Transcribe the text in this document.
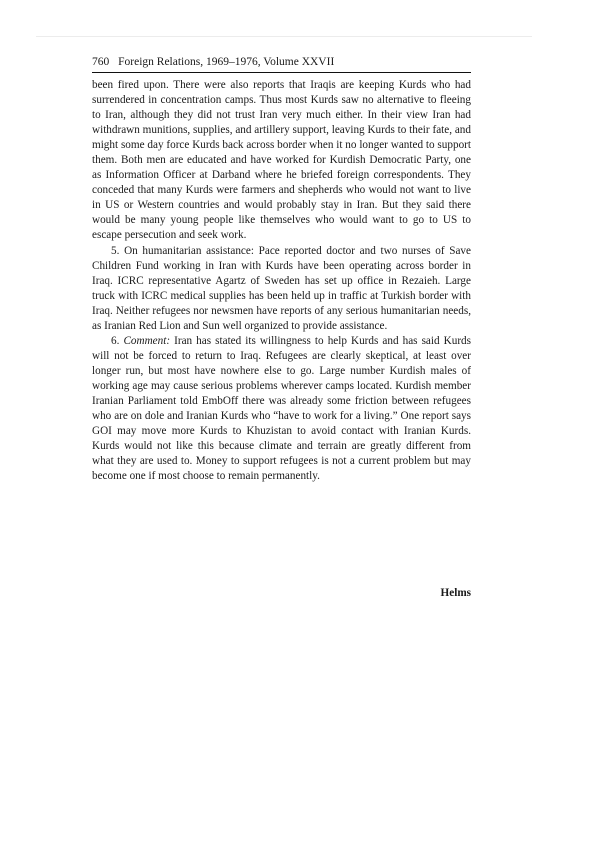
760 Foreign Relations, 1969–1976, Volume XXVII

been fired upon. There were also reports that Iraqis are keeping Kurds who had surrendered in concentration camps. Thus most Kurds saw no alternative to fleeing to Iran, although they did not trust Iran very much either. In their view Iran had withdrawn munitions, supplies, and artillery support, leaving Kurds to their fate, and might some day force Kurds back across border when it no longer wanted to support them. Both men are educated and have worked for Kurdish Democratic Party, one as Information Officer at Darband where he briefed foreign correspondents. They conceded that many Kurds were farmers and shepherds who would not want to live in US or Western countries and would probably stay in Iran. But they said there would be many young people like themselves who would want to go to US to escape persecution and seek work.

5. On humanitarian assistance: Pace reported doctor and two nurses of Save Children Fund working in Iran with Kurds have been operating across border in Iraq. ICRC representative Agartz of Sweden has set up office in Rezaieh. Large truck with ICRC medical supplies has been held up in traffic at Turkish border with Iraq. Neither refugees nor newsmen have reports of any serious humanitarian needs, as Iranian Red Lion and Sun well organized to provide assistance.

6. Comment: Iran has stated its willingness to help Kurds and has said Kurds will not be forced to return to Iraq. Refugees are clearly skeptical, at least over longer run, but most have nowhere else to go. Large number Kurdish males of working age may cause serious problems wherever camps located. Kurdish member Iranian Parliament told EmbOff there was already some friction between refugees who are on dole and Iranian Kurds who “have to work for a living.” One report says GOI may move more Kurds to Khuzistan to avoid contact with Iranian Kurds. Kurds would not like this because climate and terrain are greatly different from what they are used to. Money to support refugees is not a current problem but may become one if most choose to remain permanently.

Helms
